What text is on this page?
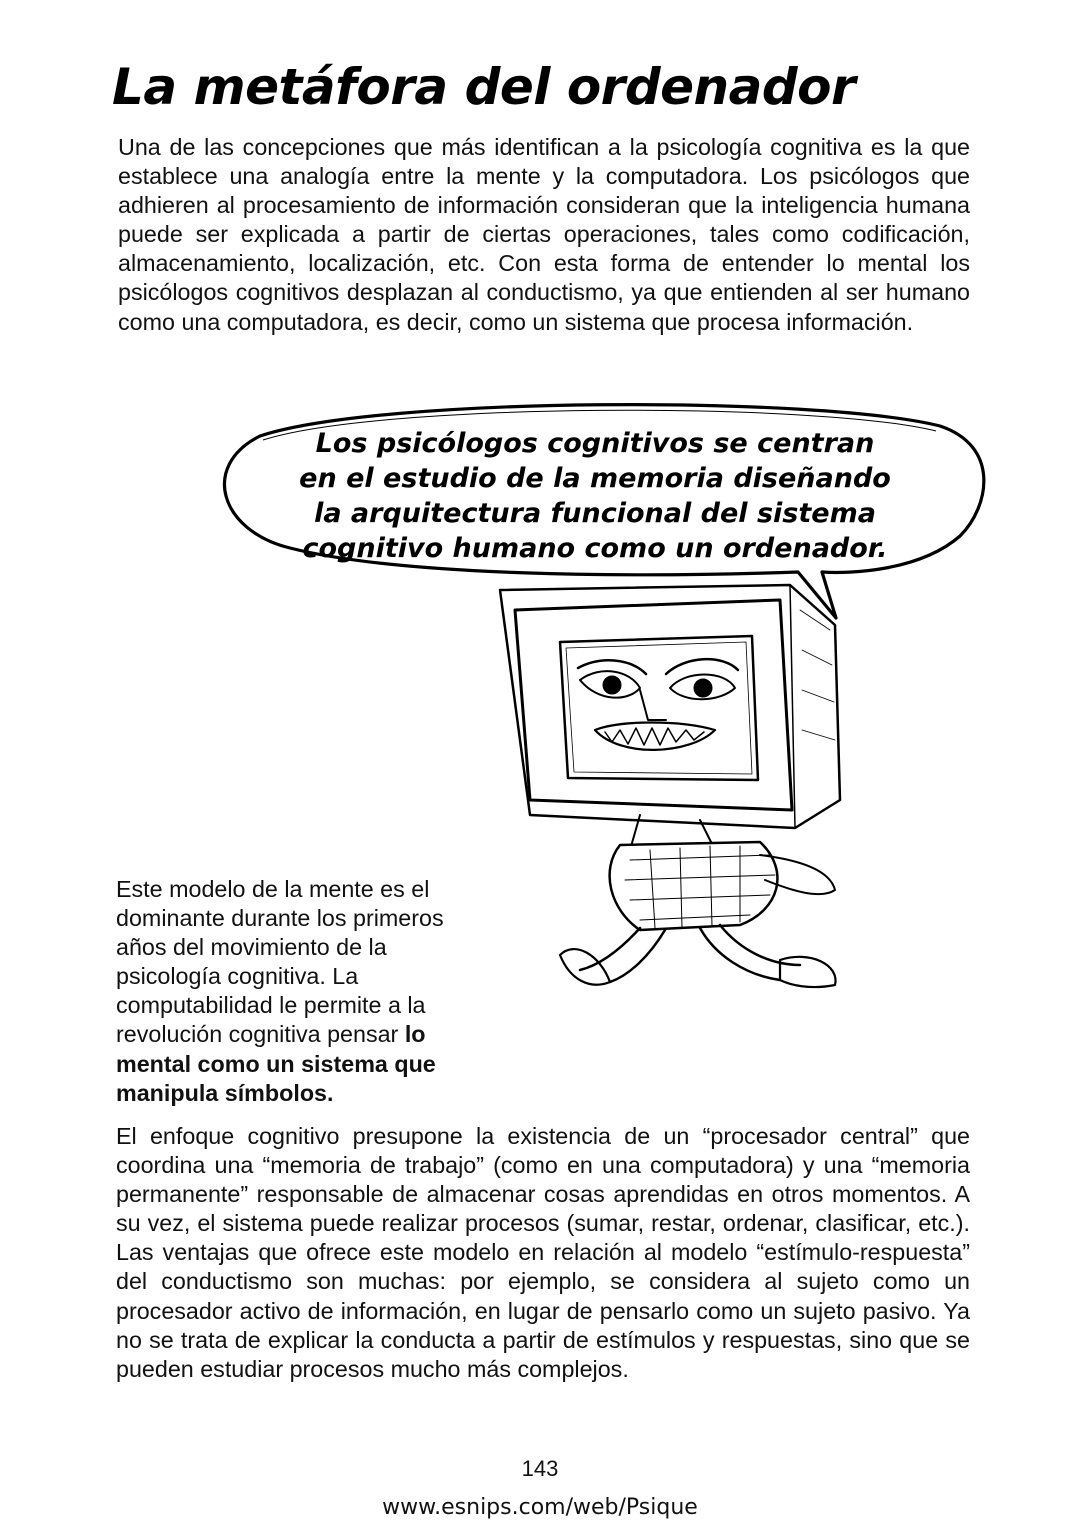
La metáfora del ordenador

Una de las concepciones que más identifican a la psicología cognitiva es la que establece una analogía entre la mente y la computadora. Los psicólogos que adhieren al procesamiento de información consideran que la inteligencia humana puede ser explicada a partir de ciertas operaciones, tales como codificación, almacenamiento, localización, etc. Con esta forma de entender lo mental los psicólogos cognitivos desplazan al conductismo, ya que entienden al ser humano como una computadora, es decir, como un sistema que procesa información.

Los psicólogos cognitivos se centran
en el estudio de la memoria diseñando
la arquitectura funcional del sistema
cognitivo humano como un ordenador.

Este modelo de la mente es el dominante durante los primeros años del movimiento de la psicología cognitiva. La computabilidad le permite a la revolución cognitiva pensar lo mental como un sistema que manipula símbolos.

El enfoque cognitivo presupone la existencia de un “procesador central” que coordina una “memoria de trabajo” (como en una computadora) y una “memoria permanente” responsable de almacenar cosas aprendidas en otros momentos. A su vez, el sistema puede realizar procesos (sumar, restar, ordenar, clasificar, etc.). Las ventajas que ofrece este modelo en relación al modelo “estímulo-respuesta” del conductismo son muchas: por ejemplo, se considera al sujeto como un procesador activo de información, en lugar de pensarlo como un sujeto pasivo. Ya no se trata de explicar la conducta a partir de estímulos y respuestas, sino que se pueden estudiar procesos mucho más complejos.

143
www.esnips.com/web/Psique
